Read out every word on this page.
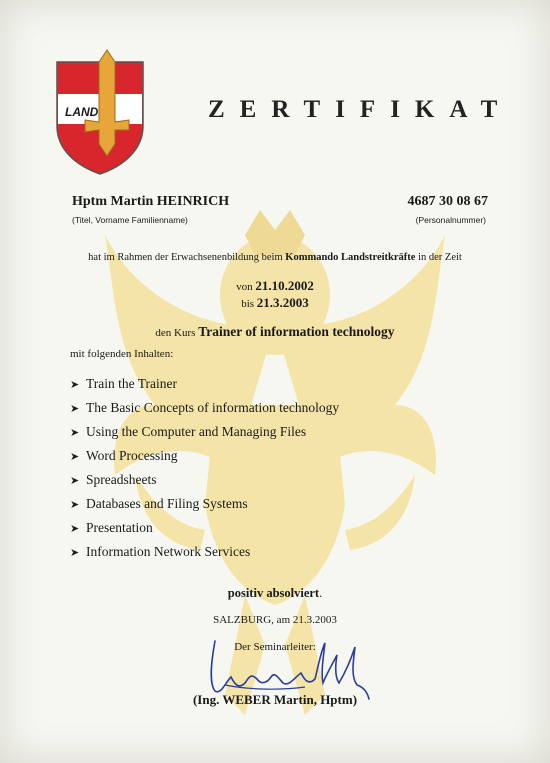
LAND	ZERTIFIKAT
Hptm Martin HEINRICH
(Titel, Vorname Familienname)
4687 30 08 67
(Personalnummer)
hat im Rahmen der Erwachsenenbildung beim Kommando Landstreitkräfte in der Zeit
von 21.10.2002
bis 21.3.2003
den Kurs Trainer of information technology
mit folgenden Inhalten:
➤ Train the Trainer
➤ The Basic Concepts of information technology
➤ Using the Computer and Managing Files
➤ Word Processing
➤ Spreadsheets
➤ Databases and Filing Systems
➤ Presentation
➤ Information Network Services
positiv absolviert.
SALZBURG, am 21.3.2003
Der Seminarleiter:
(Ing. WEBER Martin, Hptm)
